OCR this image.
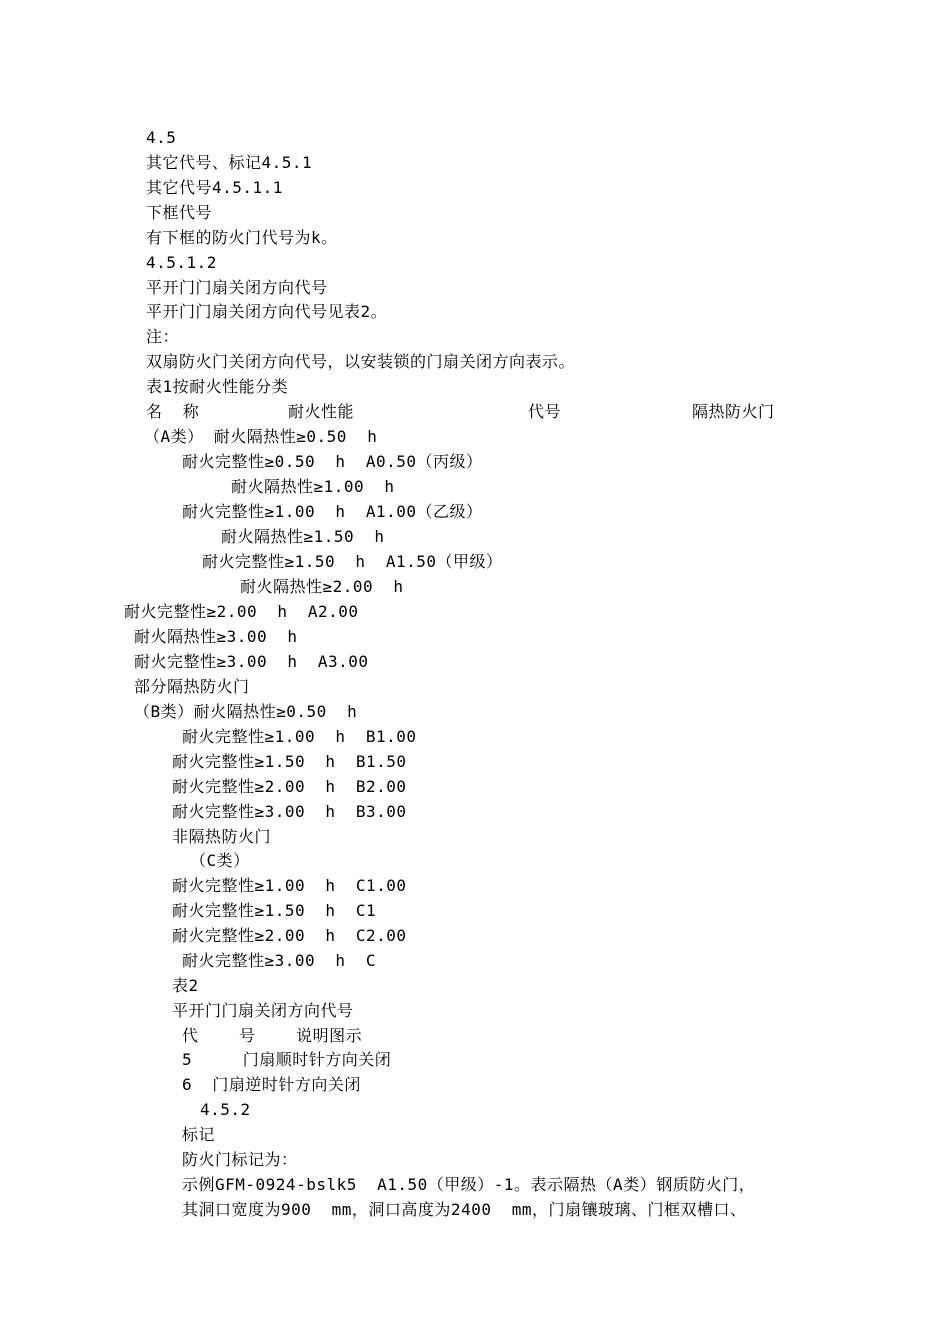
4.5
其它代号、标记4.5.1
其它代号4.5.1.1
下框代号
有下框的防火门代号为k。
4.5.1.2
平开门门扇关闭方向代号
平开门门扇关闭方向代号见表2。
注：
双扇防火门关闭方向代号，以安装锁的门扇关闭方向表示。
表1按耐火性能分类
名  称	耐火性能	代号	隔热防火门
（A类） 耐火隔热性≥0.50  h
耐火完整性≥0.50  h  A0.50（丙级）
耐火隔热性≥1.00  h
耐火完整性≥1.00  h  A1.00（乙级）
耐火隔热性≥1.50  h
耐火完整性≥1.50  h  A1.50（甲级）
耐火隔热性≥2.00  h
耐火完整性≥2.00  h  A2.00
耐火隔热性≥3.00  h
耐火完整性≥3.00  h  A3.00
部分隔热防火门
（B类）耐火隔热性≥0.50  h
耐火完整性≥1.00  h  B1.00
耐火完整性≥1.50  h  B1.50
耐火完整性≥2.00  h  B2.00
耐火完整性≥3.00  h  B3.00
非隔热防火门
（C类）
耐火完整性≥1.00  h  C1.00
耐火完整性≥1.50  h  C1
耐火完整性≥2.00  h  C2.00
耐火完整性≥3.00  h  C
表2
平开门门扇关闭方向代号
代    号    说明图示
5     门扇顺时针方向关闭
6  门扇逆时针方向关闭
4.5.2
标记
防火门标记为：
示例GFM-0924-bslk5  A1.50（甲级）-1。表示隔热（A类）钢质防火门，
其洞口宽度为900  mm，洞口高度为2400  mm，门扇镶玻璃、门框双槽口、
